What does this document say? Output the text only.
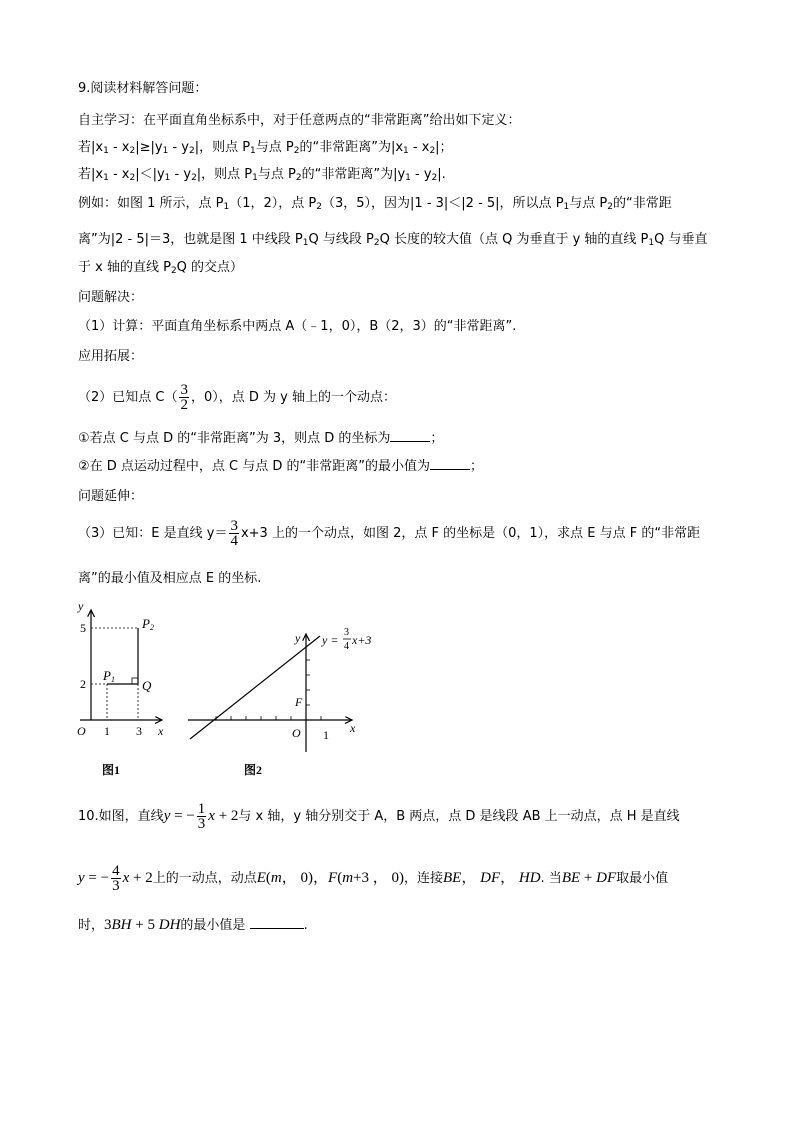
9.阅读材料解答问题：
自主学习：在平面直角坐标系中，对于任意两点的“非常距离”给出如下定义：
若$|x_1 - x_2|\ge|y_1 - y_2|$，则点 $P_1$与点 $P_2$的“非常距离”为$|x_1 - x_2|$；
若$|x_1 - x_2|<|y_1 - y_2|$，则点 $P_1$与点 $P_2$的“非常距离”为$|y_1 - y_2|$.
例如：如图 1 所示，点 $P_1(1$，2），点 $P_2(3$，5），因为|1 - 3|＜|2 - 5|，所以点 $P_1$与点 $P_2$的“非常距
离”为|2 - 5|＝3，也就是图 1 中线段 $P_1Q$ 与线段 $P_2Q$ 长度的较大值（点 Q 为垂直于 y 轴的直线 $P_1Q$ 与垂直
于 x 轴的直线 $P_2Q$ 的交点）
问题解决：
（1）计算：平面直角坐标系中两点 A（﹣1，0），B（2，3）的“非常距离”.
应用拓展：
（2）已知点 $C( \frac{3}{2}$ ，0），点 D 为 y 轴上的一个动点：
①若点 C 与点 D 的“非常距离”为 3，则点 D 的坐标为	；
②在 D 点运动过程中，点 C 与点 D 的“非常距离”的最小值为	；
问题延伸：
（3）已知：E 是直线 $y= \frac{3}{4} x+3$ 上的一个动点，如图 2，点 F 的坐标是（0，1），求点 E 与点 F 的“非常距
离”的最小值及相应点 E 的坐标.
y
x
O 1 3
2
5
P1
P2
Q
图1
y
x
O 1
F
y =
3
4 x+3
图2
10.如图，直线y = − $\frac{1}{3}$ x + 2与 x 轴，y 轴分别交于 A，B 两点，点 D 是线段 AB 上一动点，点 H 是直线
y = − $\frac{4}{3}$ x + 2上的一动点，动点E(m， 0)，F(m+3 ， 0)，连接BE， DF， HD. 当BE + DF取最小值
时，3BH + 5 DH的最小值是	.
